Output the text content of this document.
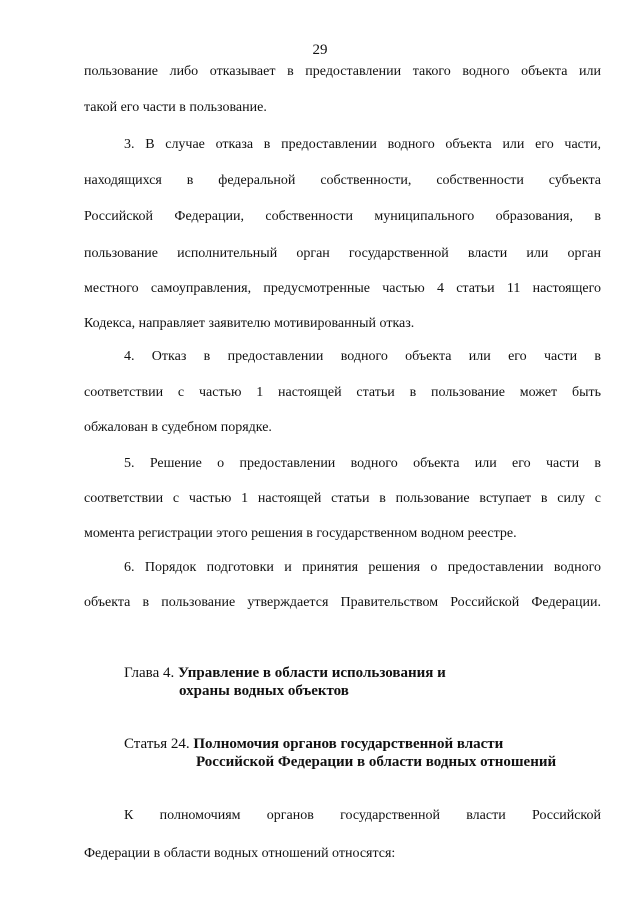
29
пользование либо отказывает в предоставлении такого водного объекта или
такой его части в пользование.
3. В случае отказа в предоставлении водного объекта или его части,
находящихся в федеральной собственности, собственности субъекта
Российской Федерации, собственности муниципального образования, в
пользование исполнительный орган государственной власти или орган
местного самоуправления, предусмотренные частью 4 статьи 11 настоящего
Кодекса, направляет заявителю мотивированный отказ.
4. Отказ в предоставлении водного объекта или его части в
соответствии с частью 1 настоящей статьи в пользование может быть
обжалован в судебном порядке.
5. Решение о предоставлении водного объекта или его части в
соответствии с частью 1 настоящей статьи в пользование вступает в силу с
момента регистрации этого решения в государственном водном реестре.
6. Порядок подготовки и принятия решения о предоставлении водного
объекта в пользование утверждается Правительством Российской Федерации.
Глава 4. Управление в области использования и
охраны водных объектов
Статья 24. Полномочия органов государственной власти
Российской Федерации в области водных отношений
К полномочиям органов государственной власти Российской
Федерации в области водных отношений относятся:
